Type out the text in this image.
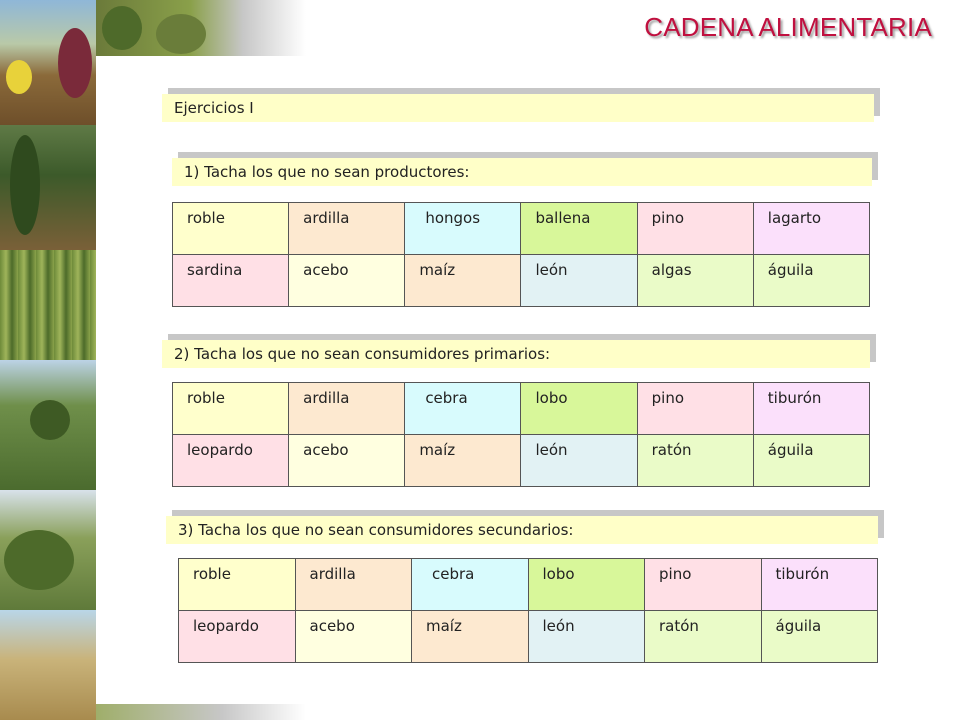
CADENA ALIMENTARIA
Ejercicios I
1) Tacha los que no sean productores:
roble	ardilla	hongos	ballena	pino	lagarto
sardina	acebo	maíz	león	algas	águila
2) Tacha los que no sean consumidores primarios:
roble	ardilla	cebra	lobo	pino	tiburón
leopardo	acebo	maíz	león	ratón	águila
3) Tacha los que no sean consumidores secundarios:
roble	ardilla	cebra	lobo	pino	tiburón
leopardo	acebo	maíz	león	ratón	águila
